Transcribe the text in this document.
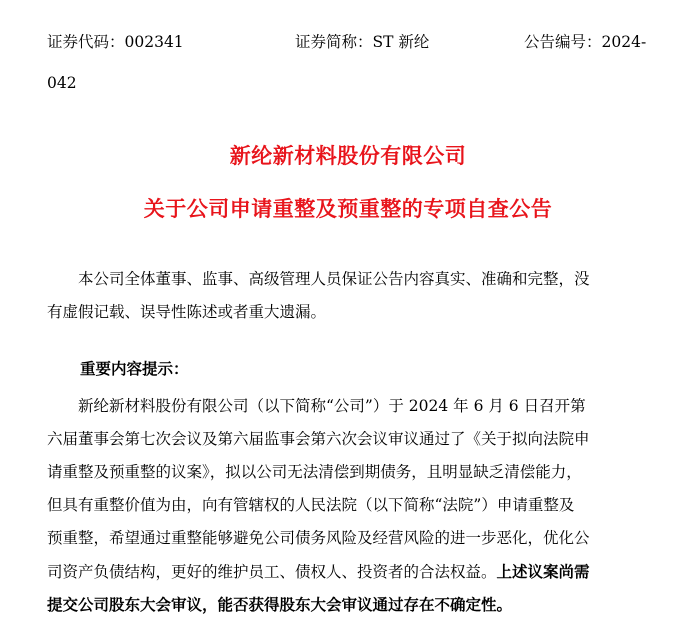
证券代码：002341	证券简称：ST 新纶	公告编号：2024-
042
新纶新材料股份有限公司
关于公司申请重整及预重整的专项自查公告
本公司全体董事、监事、高级管理人员保证公告内容真实、准确和完整，没
有虚假记载、误导性陈述或者重大遗漏。
重要内容提示：
新纶新材料股份有限公司（以下简称“公司”）于 2024 年 6 月 6 日召开第
六届董事会第七次会议及第六届监事会第六次会议审议通过了《关于拟向法院申
请重整及预重整的议案》，拟以公司无法清偿到期债务，且明显缺乏清偿能力，
但具有重整价值为由，向有管辖权的人民法院（以下简称“法院”）申请重整及
预重整，希望通过重整能够避免公司债务风险及经营风险的进一步恶化，优化公
司资产负债结构，更好的维护员工、债权人、投资者的合法权益。上述议案尚需
提交公司股东大会审议，能否获得股东大会审议通过存在不确定性。
